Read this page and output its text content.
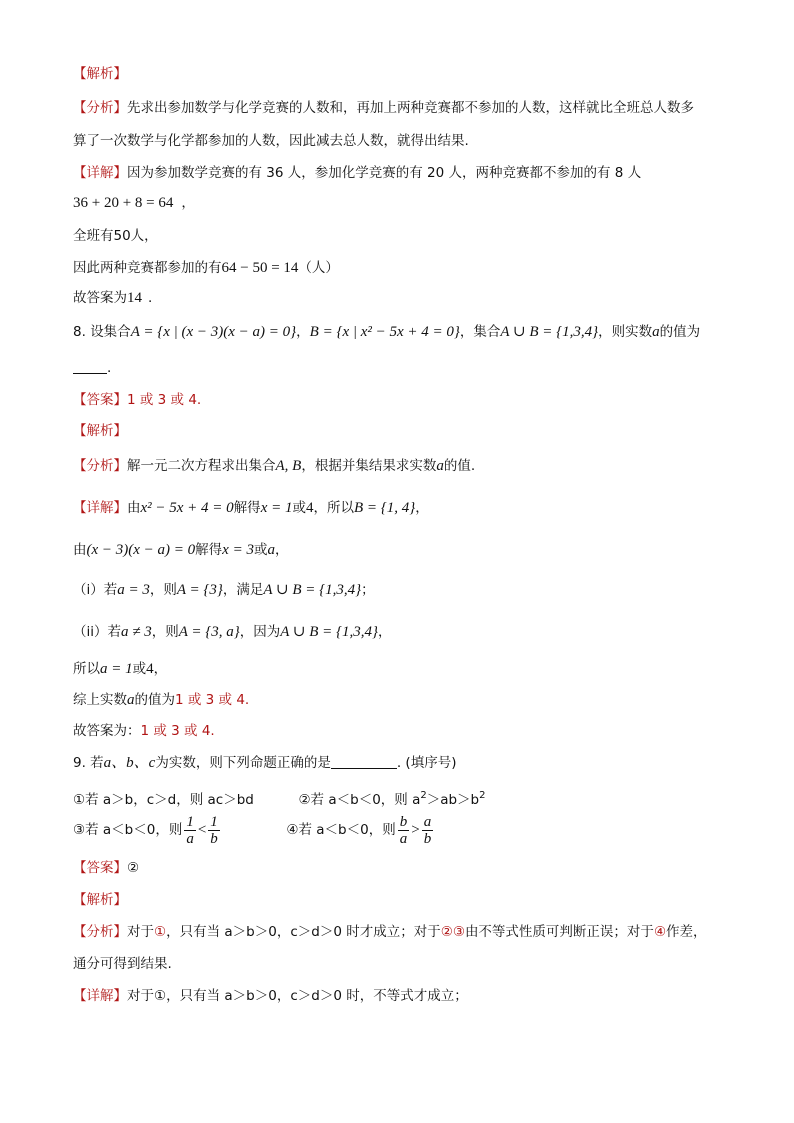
【解析】
【分析】先求出参加数学与化学竞赛的人数和，再加上两种竞赛都不参加的人数，这样就比全班总人数多
算了一次数学与化学都参加的人数，因此减去总人数，就得出结果.
【详解】因为参加数学竞赛的有 36 人，参加化学竞赛的有 20 人，两种竞赛都不参加的有 8 人
36 + 20 + 8 = 64 ，
全班有50人，
因此两种竞赛都参加的有64 − 50 = 14（人）
故答案为14 .
8. 设集合A = {x | (x − 3)(x − a) = 0}，B = {x | x² − 5x + 4 = 0}，集合A ∪ B = {1,3,4}，则实数a的值为
.
【答案】1 或 3 或 4.
【解析】
【分析】解一元二次方程求出集合A, B，根据并集结果求实数a的值.
【详解】由x² − 5x + 4 = 0解得x = 1或4，所以B = {1, 4}，
由(x − 3)(x − a) = 0解得x = 3或a，
（i）若a = 3，则A = {3}，满足A ∪ B = {1,3,4}；
（ii）若a ≠ 3，则A = {3, a}，因为A ∪ B = {1,3,4}，
所以a = 1或4，
综上实数a的值为1 或 3 或 4.
故答案为：1 或 3 或 4.
9. 若a、b、c为实数，则下列命题正确的是	. (填序号)
①若 a＞b，c＞d，则 ac＞bd	②若 a＜b＜0，则 $a^2>ab>b^2$
③若 a＜b＜0，则 $\frac{1}{a} < \frac{1}{b}$	④若 a＜b＜0，则 $\frac{b}{a} > \frac{a}{b}$
【答案】②
【解析】
【分析】对于①，只有当 a＞b＞0，c＞d＞0 时才成立；对于②③由不等式性质可判断正误；对于④作差，
通分可得到结果.
【详解】对于①，只有当 a＞b＞0，c＞d＞0 时，不等式才成立；
